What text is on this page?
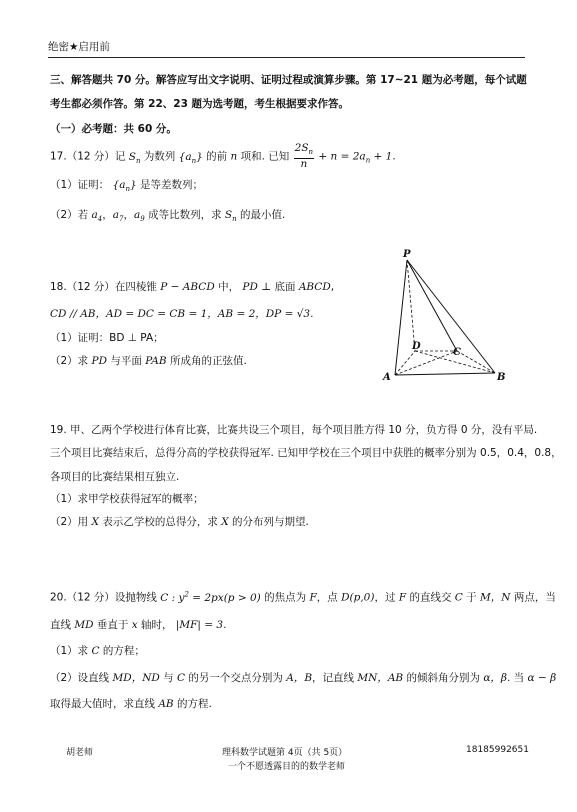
绝密★启用前
三、解答题共 70 分。解答应写出文字说明、证明过程或演算步骤。第 17~21 题为必考题，每个试题
考生都必须作答。第 22、23 题为选考题，考生根据要求作答。
（一）必考题：共 60 分。
17.（12 分）记 $S_n$ 为数列 $\{a_n\}$ 的前 n 项和. 已知 $\frac{2S_n}{n} + n = 2a_n + 1$.
（1）证明： $\{a_n\}$ 是等差数列；
（2）若 $a_4$，$a_7$，$a_9$ 成等比数列，求 $S_n$ 的最小值.
18.（12 分）在四棱锥 P − ABCD 中， PD ⊥ 底面 ABCD,
CD // AB，AD = DC = CB = 1，AB = 2，DP = √3.
（1）证明：BD ⊥ PA；
（2）求 PD 与平面 PAB 所成角的正弦值.
P
A	B
C
D
19. 甲、乙两个学校进行体育比赛，比赛共设三个项目，每个项目胜方得 10 分，负方得 0 分，没有平局.
三个项目比赛结束后，总得分高的学校获得冠军. 已知甲学校在三个项目中获胜的概率分别为 0.5，0.4，0.8，
各项目的比赛结果相互独立.
（1）求甲学校获得冠军的概率；
（2）用 X 表示乙学校的总得分，求 X 的分布列与期望.
20.（12 分）设抛物线 C : $y^2 = 2px(p > 0)$ 的焦点为 F，点 D(p,0)，过 F 的直线交 C 于 M，N 两点，当
直线 MD 垂直于 x 轴时， |MF| = 3.
（1）求 C 的方程；
（2）设直线 MD，ND 与 C 的另一个交点分别为 A，B，记直线 MN，AB 的倾斜角分别为 α，β. 当 α − β
取得最大值时，求直线 AB 的方程.
胡老师	理科数学试题第 4页（共 5页）	18185992651
一个不愿透露目的的数学老师
